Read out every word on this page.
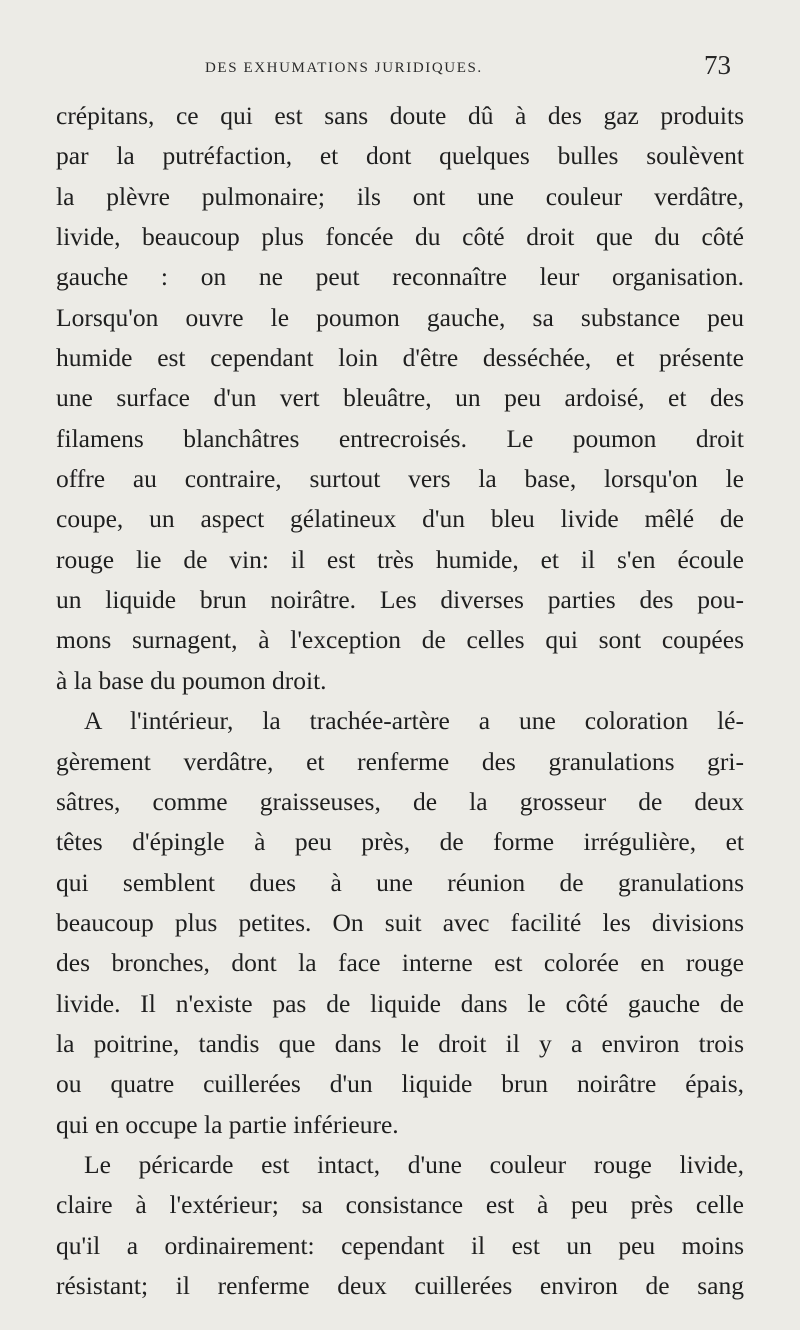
DES EXHUMATIONS JURIDIQUES.	73
crépitans, ce qui est sans doute dû à des gaz produits
par la putréfaction, et dont quelques bulles soulèvent
la plèvre pulmonaire; ils ont une couleur verdâtre,
livide, beaucoup plus foncée du côté droit que du côté
gauche : on ne peut reconnaître leur organisation.
Lorsqu'on ouvre le poumon gauche, sa substance peu
humide est cependant loin d'être desséchée, et présente
une surface d'un vert bleuâtre, un peu ardoisé, et des
filamens blanchâtres entrecroisés. Le poumon droit
offre au contraire, surtout vers la base, lorsqu'on le
coupe, un aspect gélatineux d'un bleu livide mêlé de
rouge lie de vin: il est très humide, et il s'en écoule
un liquide brun noirâtre. Les diverses parties des pou-
mons surnagent, à l'exception de celles qui sont coupées
à la base du poumon droit.
A l'intérieur, la trachée-artère a une coloration lé-
gèrement verdâtre, et renferme des granulations gri-
sâtres, comme graisseuses, de la grosseur de deux
têtes d'épingle à peu près, de forme irrégulière, et
qui semblent dues à une réunion de granulations
beaucoup plus petites. On suit avec facilité les divisions
des bronches, dont la face interne est colorée en rouge
livide. Il n'existe pas de liquide dans le côté gauche de
la poitrine, tandis que dans le droit il y a environ trois
ou quatre cuillerées d'un liquide brun noirâtre épais,
qui en occupe la partie inférieure.
Le péricarde est intact, d'une couleur rouge livide,
claire à l'extérieur; sa consistance est à peu près celle
qu'il a ordinairement: cependant il est un peu moins
résistant; il renferme deux cuillerées environ de sang
